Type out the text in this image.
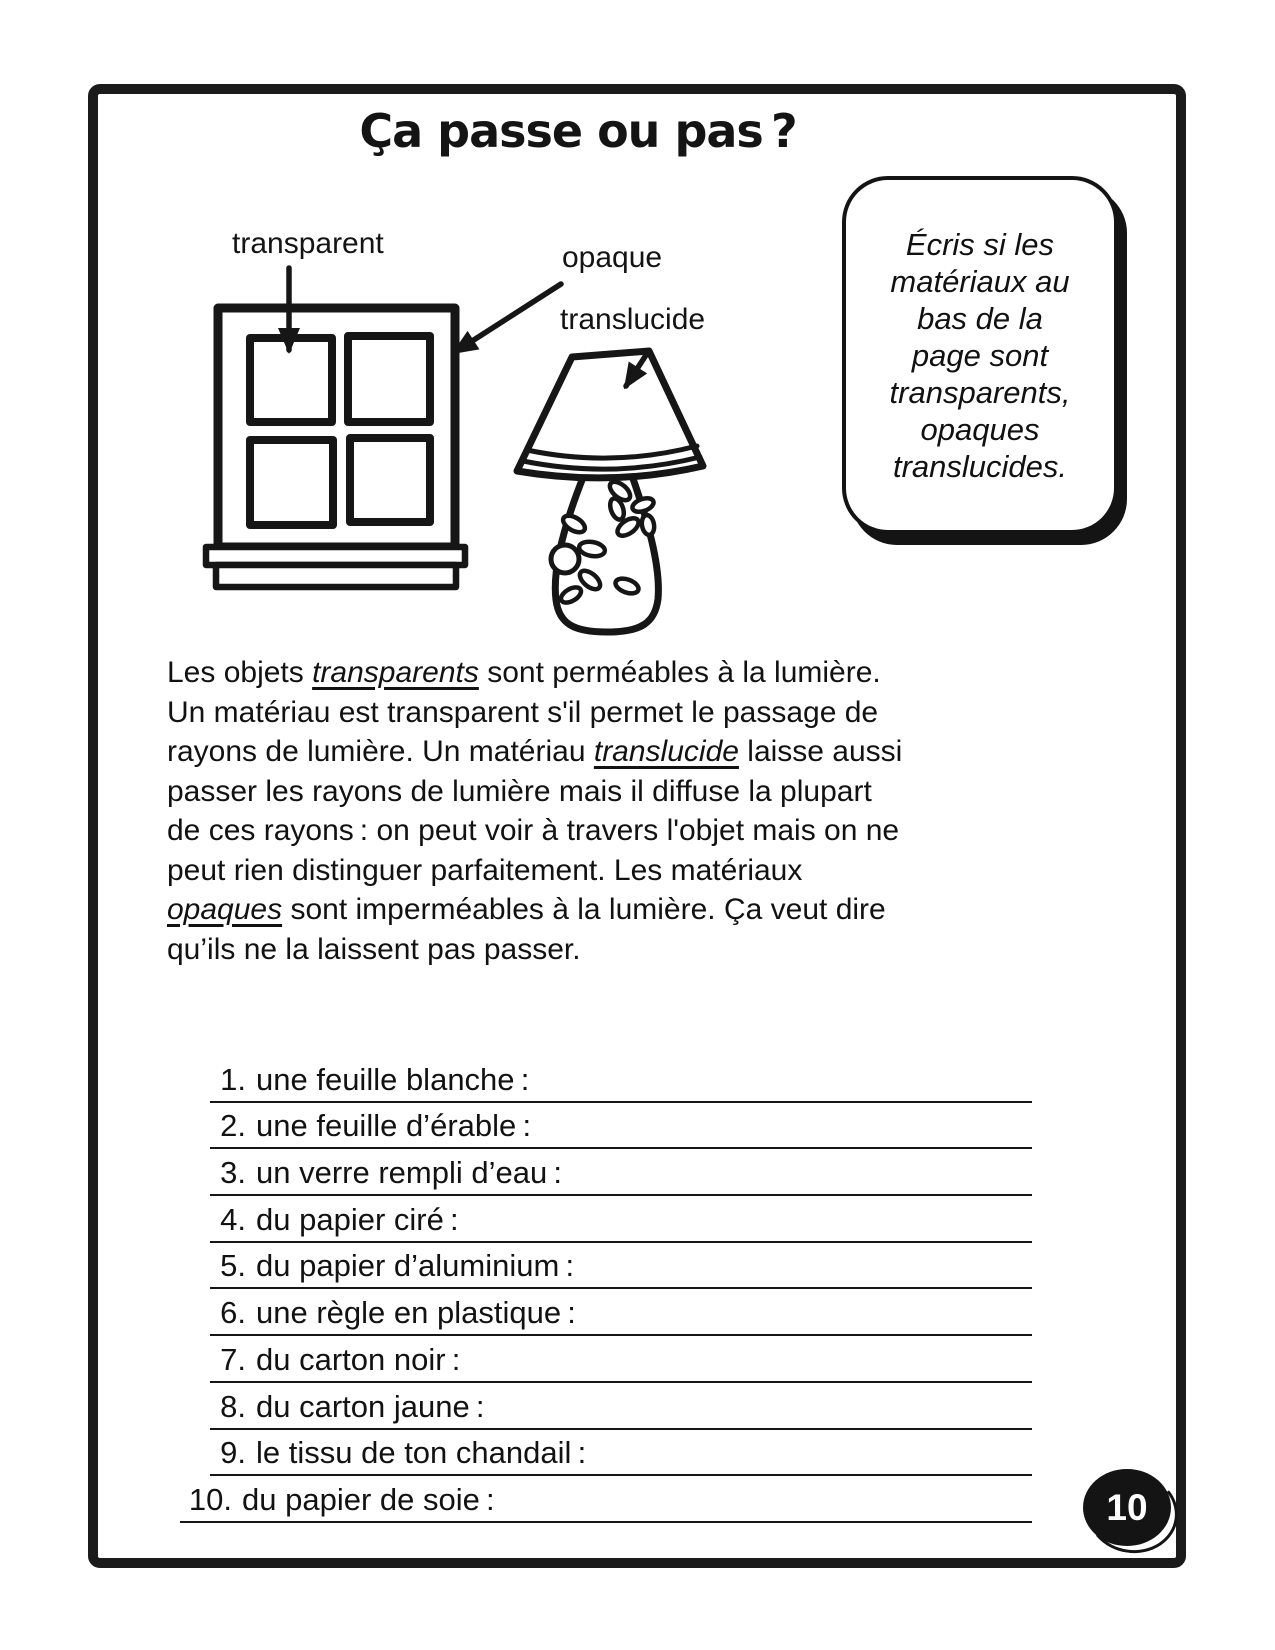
Ça passe ou pas ?
transparent	opaque
translucide
Écris si les
matériaux au
bas de la
page sont
transparents,
opaques
translucides.
Les objets transparents sont perméables à la lumière.
Un matériau est transparent s'il permet le passage de
rayons de lumière. Un matériau translucide laisse aussi
passer les rayons de lumière mais il diffuse la plupart
de ces rayons : on peut voir à travers l'objet mais on ne
peut rien distinguer parfaitement. Les matériaux
opaques sont imperméables à la lumière. Ça veut dire
qu’ils ne la laissent pas passer.
1. une feuille blanche :
2. une feuille d’érable :
3. un verre rempli d’eau :
4. du papier ciré :
5. du papier d’aluminium :
6. une règle en plastique :
7. du carton noir :
8. du carton jaune :
9. le tissu de ton chandail :
10. du papier de soie :	10
